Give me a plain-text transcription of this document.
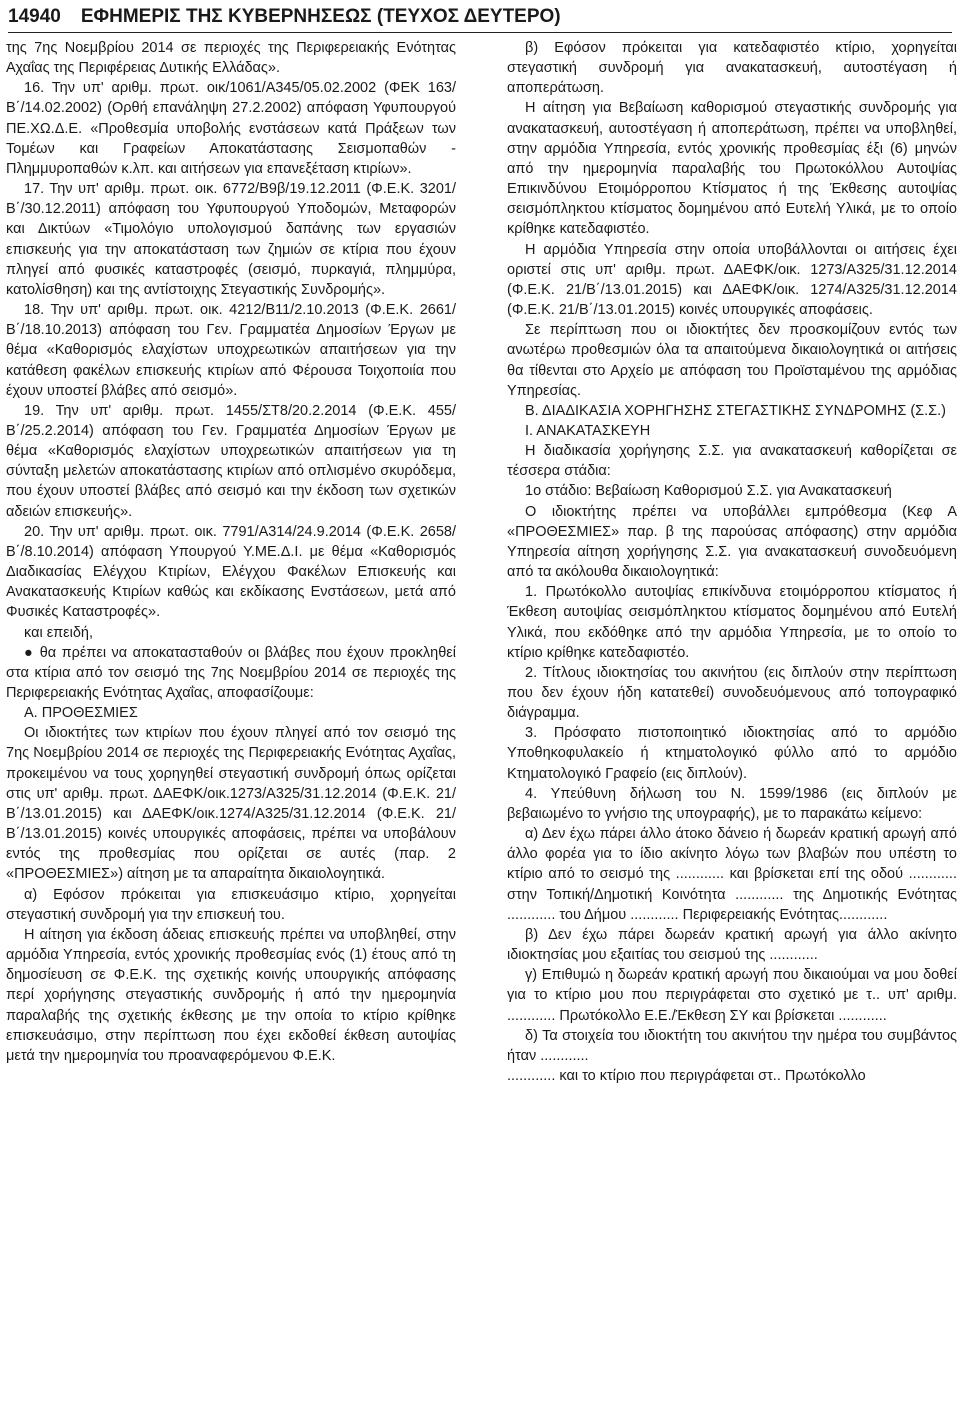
14940 ΕΦΗΜΕΡΙΣ ΤΗΣ ΚΥΒΕΡΝΗΣΕΩΣ (ΤΕΥΧΟΣ ΔΕΥΤΕΡΟ)

της 7ης Νοεμβρίου 2014 σε περιοχές της Περιφερειακής Ενότητας Αχαΐας της Περιφέρειας Δυτικής Ελλάδας».

16. Την υπ' αριθμ. πρωτ. οικ/1061/Α345/05.02.2002 (ΦΕΚ 163/Β΄/14.02.2002) (Ορθή επανάληψη 27.2.2002) απόφαση Υφυπουργού ΠΕ.ΧΩ.Δ.Ε. «Προθεσμία υποβολής ενστάσεων κατά Πράξεων των Τομέων και Γραφείων Αποκατάστασης Σεισμοπαθών - Πλημμυροπαθών κ.λπ. και αιτήσεων για επανεξέταση κτιρίων».

17. Την υπ' αριθμ. πρωτ. οικ. 6772/Β9β/19.12.2011 (Φ.Ε.Κ. 3201/Β΄/30.12.2011) απόφαση του Υφυπουργού Υποδομών, Μεταφορών και Δικτύων «Τιμολόγιο υπολογισμού δαπάνης των εργασιών επισκευής για την αποκατάσταση των ζημιών σε κτίρια που έχουν πληγεί από φυσικές καταστροφές (σεισμό, πυρκαγιά, πλημμύρα, κατολίσθηση) και της αντίστοιχης Στεγαστικής Συνδρομής».

18. Την υπ' αριθμ. πρωτ. οικ. 4212/Β11/2.10.2013 (Φ.Ε.Κ. 2661/Β΄/18.10.2013) απόφαση του Γεν. Γραμματέα Δημοσίων Έργων με θέμα «Καθορισμός ελαχίστων υποχρεωτικών απαιτήσεων για την κατάθεση φακέλων επισκευής κτιρίων από Φέρουσα Τοιχοποιία που έχουν υποστεί βλάβες από σεισμό».

19. Την υπ' αριθμ. πρωτ. 1455/ΣΤ8/20.2.2014 (Φ.Ε.Κ. 455/Β΄/25.2.2014) απόφαση του Γεν. Γραμματέα Δημοσίων Έργων με θέμα «Καθορισμός ελαχίστων υποχρεωτικών απαιτήσεων για τη σύνταξη μελετών αποκατάστασης κτιρίων από οπλισμένο σκυρόδεμα, που έχουν υποστεί βλάβες από σεισμό και την έκδοση των σχετικών αδειών επισκευής».

20. Την υπ' αριθμ. πρωτ. οικ. 7791/Α314/24.9.2014 (Φ.Ε.Κ. 2658/Β΄/8.10.2014) απόφαση Υπουργού Υ.ΜΕ.Δ.Ι. με θέμα «Καθορισμός Διαδικασίας Ελέγχου Κτιρίων, Ελέγχου Φακέλων Επισκευής και Ανακατασκευής Κτιρίων καθώς και εκδίκασης Ενστάσεων, μετά από Φυσικές Καταστροφές».

και επειδή,

● θα πρέπει να αποκατασταθούν οι βλάβες που έχουν προκληθεί στα κτίρια από τον σεισμό της 7ης Νοεμβρίου 2014 σε περιοχές της Περιφερειακής Ενότητας Αχαΐας, αποφασίζουμε:

Α. ΠΡΟΘΕΣΜΙΕΣ

Οι ιδιοκτήτες των κτιρίων που έχουν πληγεί από τον σεισμό της 7ης Νοεμβρίου 2014 σε περιοχές της Περιφερειακής Ενότητας Αχαΐας, προκειμένου να τους χορηγηθεί στεγαστική συνδρομή όπως ορίζεται στις υπ' αριθμ. πρωτ. ΔΑΕΦΚ/οικ.1273/Α325/31.12.2014 (Φ.Ε.Κ. 21/Β΄/13.01.2015) και ΔΑΕΦΚ/οικ.1274/Α325/31.12.2014 (Φ.Ε.Κ. 21/Β΄/13.01.2015) κοινές υπουργικές αποφάσεις, πρέπει να υποβάλουν εντός της προθεσμίας που ορίζεται σε αυτές (παρ. 2 «ΠΡΟΘΕΣΜΙΕΣ») αίτηση με τα απαραίτητα δικαιολογητικά.

α) Εφόσον πρόκειται για επισκευάσιμο κτίριο, χορηγείται στεγαστική συνδρομή για την επισκευή του.

Η αίτηση για έκδοση άδειας επισκευής πρέπει να υποβληθεί, στην αρμόδια Υπηρεσία, εντός χρονικής προθεσμίας ενός (1) έτους από τη δημοσίευση σε Φ.Ε.Κ. της σχετικής κοινής υπουργικής απόφασης περί χορήγησης στεγαστικής συνδρομής ή από την ημερομηνία παραλαβής της σχετικής έκθεσης με την οποία το κτίριο κρίθηκε επισκευάσιμο, στην περίπτωση που έχει εκδοθεί έκθεση αυτοψίας μετά την ημερομηνία του προαναφερόμενου Φ.Ε.Κ.

β) Εφόσον πρόκειται για κατεδαφιστέο κτίριο, χορηγείται στεγαστική συνδρομή για ανακατασκευή, αυτοστέγαση ή αποπεράτωση.

Η αίτηση για Βεβαίωση καθορισμού στεγαστικής συνδρομής για ανακατασκευή, αυτοστέγαση ή αποπεράτωση, πρέπει να υποβληθεί, στην αρμόδια Υπηρεσία, εντός χρονικής προθεσμίας έξι (6) μηνών από την ημερομηνία παραλαβής του Πρωτοκόλλου Αυτοψίας Επικινδύνου Ετοιμόρροπου Κτίσματος ή της Έκθεσης αυτοψίας σεισμόπληκτου κτίσματος δομημένου από Ευτελή Υλικά, με το οποίο κρίθηκε κατεδαφιστέο.

Η αρμόδια Υπηρεσία στην οποία υποβάλλονται οι αιτήσεις έχει οριστεί στις υπ' αριθμ. πρωτ. ΔΑΕΦΚ/οικ. 1273/Α325/31.12.2014 (Φ.Ε.Κ. 21/Β΄/13.01.2015) και ΔΑΕΦΚ/οικ. 1274/Α325/31.12.2014 (Φ.Ε.Κ. 21/Β΄/13.01.2015) κοινές υπουργικές αποφάσεις.

Σε περίπτωση που οι ιδιοκτήτες δεν προσκομίζουν εντός των ανωτέρω προθεσμιών όλα τα απαιτούμενα δικαιολογητικά οι αιτήσεις θα τίθενται στο Αρχείο με απόφαση του Προϊσταμένου της αρμόδιας Υπηρεσίας.

Β. ΔΙΑΔΙΚΑΣΙΑ ΧΟΡΗΓΗΣΗΣ ΣΤΕΓΑΣΤΙΚΗΣ ΣΥΝΔΡΟΜΗΣ (Σ.Σ.)

Ι. ΑΝΑΚΑΤΑΣΚΕΥΗ

Η διαδικασία χορήγησης Σ.Σ. για ανακατασκευή καθορίζεται σε τέσσερα στάδια:

1ο στάδιο: Βεβαίωση Καθορισμού Σ.Σ. για Ανακατασκευή

Ο ιδιοκτήτης πρέπει να υποβάλλει εμπρόθεσμα (Κεφ Α «ΠΡΟΘΕΣΜΙΕΣ» παρ. β της παρούσας απόφασης) στην αρμόδια Υπηρεσία αίτηση χορήγησης Σ.Σ. για ανακατασκευή συνοδευόμενη από τα ακόλουθα δικαιολογητικά:

1. Πρωτόκολλο αυτοψίας επικίνδυνα ετοιμόρροπου κτίσματος ή Έκθεση αυτοψίας σεισμόπληκτου κτίσματος δομημένου από Ευτελή Υλικά, που εκδόθηκε από την αρμόδια Υπηρεσία, με το οποίο το κτίριο κρίθηκε κατεδαφιστέο.

2. Τίτλους ιδιοκτησίας του ακινήτου (εις διπλούν στην περίπτωση που δεν έχουν ήδη κατατεθεί) συνοδευόμενους από τοπογραφικό διάγραμμα.

3. Πρόσφατο πιστοποιητικό ιδιοκτησίας από το αρμόδιο Υποθηκοφυλακείο ή κτηματολογικό φύλλο από το αρμόδιο Κτηματολογικό Γραφείο (εις διπλούν).

4. Υπεύθυνη δήλωση του Ν. 1599/1986 (εις διπλούν με βεβαιωμένο το γνήσιο της υπογραφής), με το παρακάτω κείμενο:

α) Δεν έχω πάρει άλλο άτοκο δάνειο ή δωρεάν κρατική αρωγή από άλλο φορέα για το ίδιο ακίνητο λόγω των βλαβών που υπέστη το κτίριο από το σεισμό της ............ και βρίσκεται επί της οδού ............ στην Τοπική/Δημοτική Κοινότητα ............ της Δημοτικής Ενότητας ............ του Δήμου ............ Περιφερειακής Ενότητας............

β) Δεν έχω πάρει δωρεάν κρατική αρωγή για άλλο ακίνητο ιδιοκτησίας μου εξαιτίας του σεισμού της ............

γ) Επιθυμώ η δωρεάν κρατική αρωγή που δικαιούμαι να μου δοθεί για το κτίριο μου που περιγράφεται στο σχετικό με τ.. υπ' αριθμ. ............ Πρωτόκολλο Ε.Ε./Έκθεση ΣΥ και βρίσκεται ............

δ) Τα στοιχεία του ιδιοκτήτη του ακινήτου την ημέρα του συμβάντος ήταν ............

............ και το κτίριο που περιγράφεται στ.. Πρωτόκολλο
